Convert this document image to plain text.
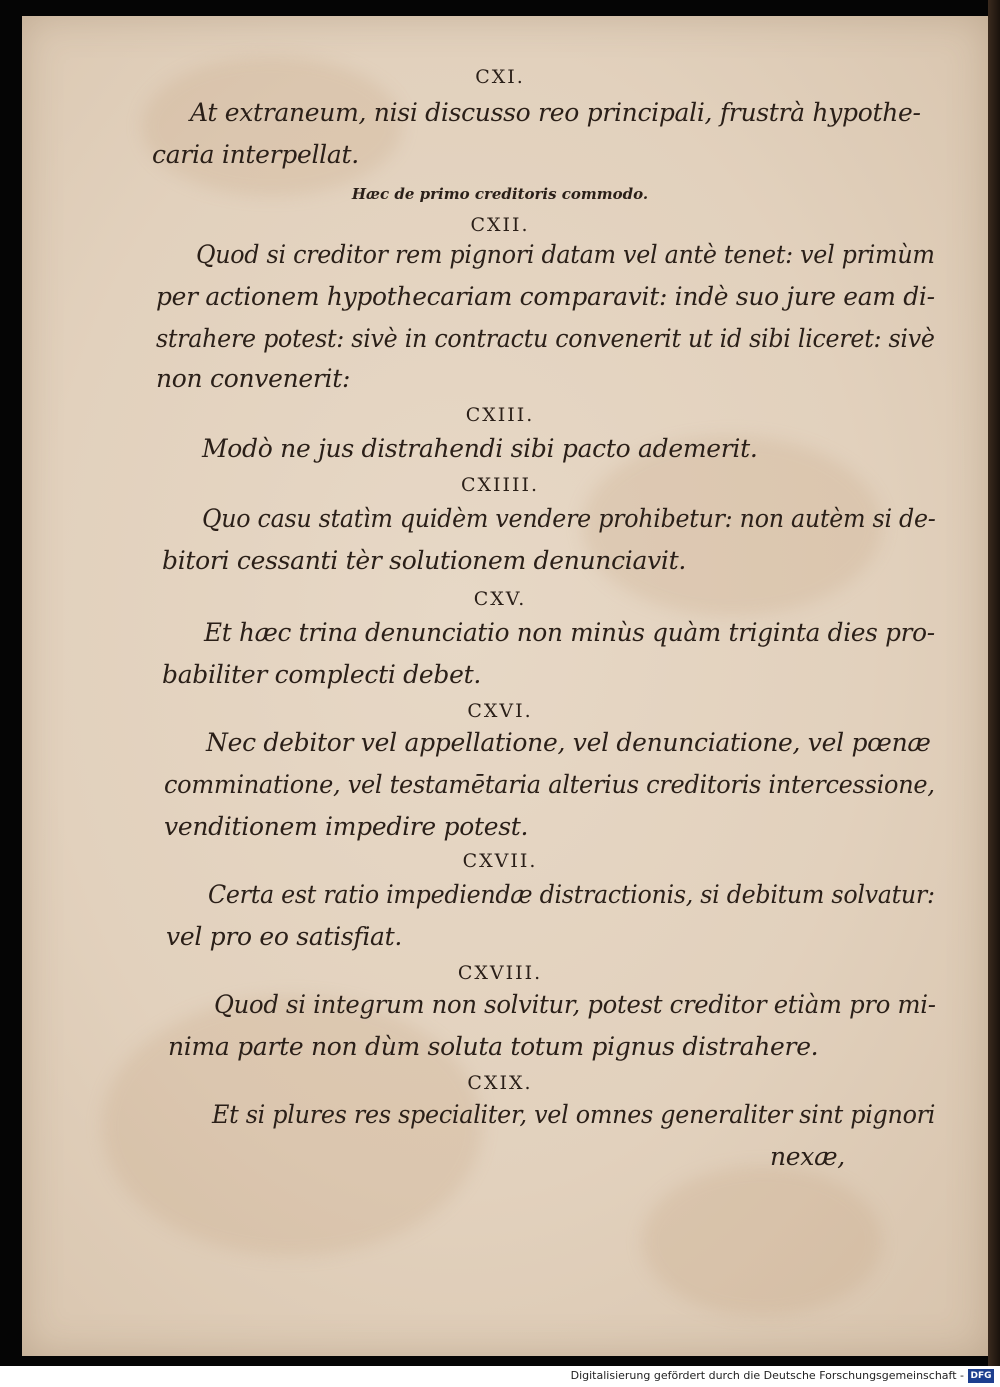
CXI.
At extraneum, nisi discusso reo principali, frustrà hypothe-
caria interpellat.
Hæc de primo creditoris commodo.
CXII.
Quod si creditor rem pignori datam vel antè tenet: vel primùm
per actionem hypothecariam comparavit: indè suo jure eam di-
strahere potest: sivè in contractu convenerit ut id sibi liceret: sivè
non convenerit:
CXIII.
Modò ne jus distrahendi sibi pacto ademerit.
CXIIII.
Quo casu statìm quidèm vendere prohibetur: non autèm si de-
bitori cessanti tèr solutionem denunciavit.
CXV.
Et hæc trina denunciatio non minùs quàm triginta dies pro-
babiliter complecti debet.
CXVI.
Nec debitor vel appellatione, vel denunciatione, vel pœnæ
comminatione, vel testamētaria alterius creditoris intercessione,
venditionem impedire potest.
CXVII.
Certa est ratio impediendæ distractionis, si debitum solvatur:
vel pro eo satisfiat.
CXVIII.
Quod si integrum non solvitur, potest creditor etiàm pro mi-
nima parte non dùm soluta totum pignus distrahere.
CXIX.
Et si plures res specialiter, vel omnes generaliter sint pignori
nexæ,
Digitalisierung gefördert durch die Deutsche Forschungsgemeinschaft - DFG
